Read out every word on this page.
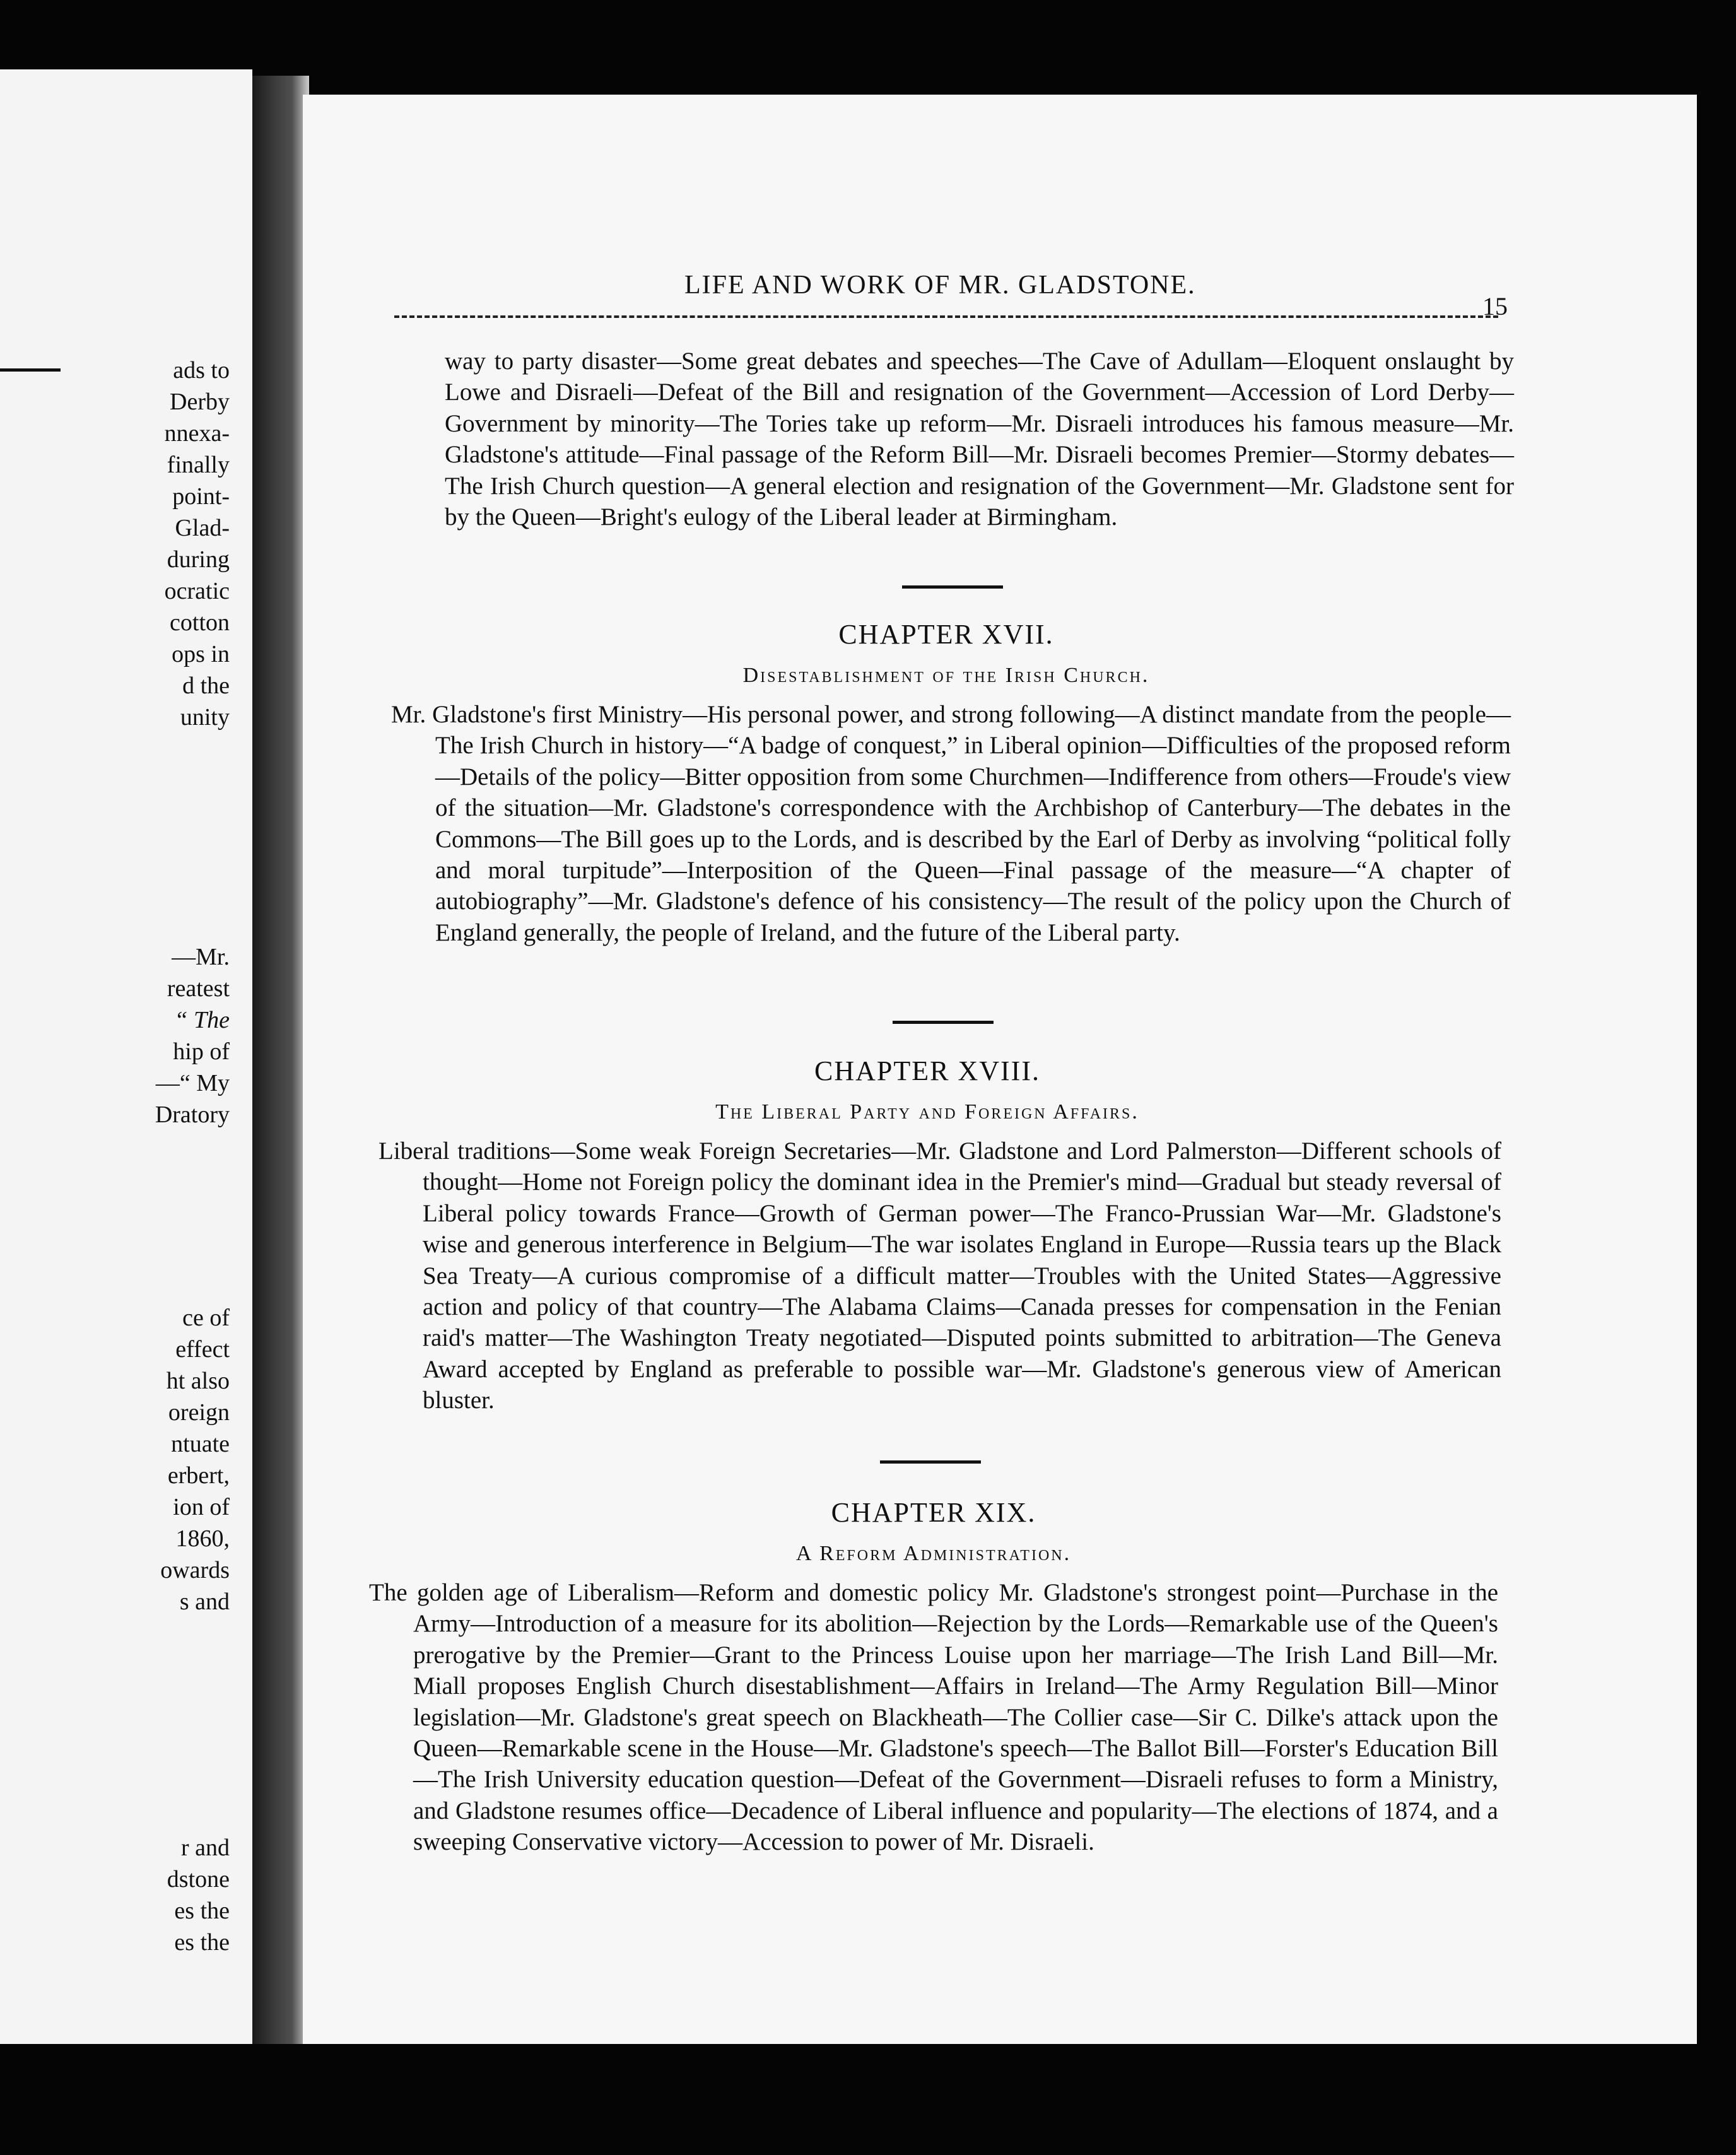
ads to
Derby
nnexa-
finally
point-
Glad-
during
ocratic
cotton
ops in
d the
unity
—Mr.
reatest
“ The
hip of
—“ My
Dratory
ce of
effect
ht also
oreign
ntuate
erbert,
ion of
1860,
owards
s and
r and
dstone
es the
es the
LIFE AND WORK OF MR. GLADSTONE.
15

way to party disaster—Some great debates and speeches—The Cave of Adullam—Eloquent onslaught by Lowe and Disraeli—Defeat of the Bill and resignation of the Government—Accession of Lord Derby—Government by minority—The Tories take up reform—Mr. Disraeli introduces his famous measure—Mr. Gladstone's attitude—Final passage of the Reform Bill—Mr. Disraeli becomes Premier—Stormy debates—The Irish Church question—A general election and resignation of the Government—Mr. Gladstone sent for by the Queen—Bright's eulogy of the Liberal leader at Birmingham.

CHAPTER XVII.
Disestablishment of the Irish Church.

Mr. Gladstone's first Ministry—His personal power, and strong following—A distinct mandate from the people—The Irish Church in history—“A badge of conquest,” in Liberal opinion—Difficulties of the proposed reform—Details of the policy—Bitter opposition from some Churchmen—Indifference from others—Froude's view of the situation—Mr. Gladstone's correspondence with the Archbishop of Canterbury—The debates in the Commons—The Bill goes up to the Lords, and is described by the Earl of Derby as involving “political folly and moral turpitude”—Interposition of the Queen—Final passage of the measure—“A chapter of autobiography”—Mr. Gladstone's defence of his consistency—The result of the policy upon the Church of England generally, the people of Ireland, and the future of the Liberal party.

CHAPTER XVIII.
The Liberal Party and Foreign Affairs.

Liberal traditions—Some weak Foreign Secretaries—Mr. Gladstone and Lord Palmerston—Different schools of thought—Home not Foreign policy the dominant idea in the Premier's mind—Gradual but steady reversal of Liberal policy towards France—Growth of German power—The Franco-Prussian War—Mr. Gladstone's wise and generous interference in Belgium—The war isolates England in Europe—Russia tears up the Black Sea Treaty—A curious compromise of a difficult matter—Troubles with the United States—Aggressive action and policy of that country—The Alabama Claims—Canada presses for compensation in the Fenian raid's matter—The Washington Treaty negotiated—Disputed points submitted to arbitration—The Geneva Award accepted by England as preferable to possible war—Mr. Gladstone's generous view of American bluster.

CHAPTER XIX.
A Reform Administration.

The golden age of Liberalism—Reform and domestic policy Mr. Gladstone's strongest point—Purchase in the Army—Introduction of a measure for its abolition—Rejection by the Lords—Remarkable use of the Queen's prerogative by the Premier—Grant to the Princess Louise upon her marriage—The Irish Land Bill—Mr. Miall proposes English Church disestablishment—Affairs in Ireland—The Army Regulation Bill—Minor legislation—Mr. Gladstone's great speech on Blackheath—The Collier case—Sir C. Dilke's attack upon the Queen—Remarkable scene in the House—Mr. Gladstone's speech—The Ballot Bill—Forster's Education Bill—The Irish University education question—Defeat of the Government—Disraeli refuses to form a Ministry, and Gladstone resumes office—Decadence of Liberal influence and popularity—The elections of 1874, and a sweeping Conservative victory—Accession to power of Mr. Disraeli.
